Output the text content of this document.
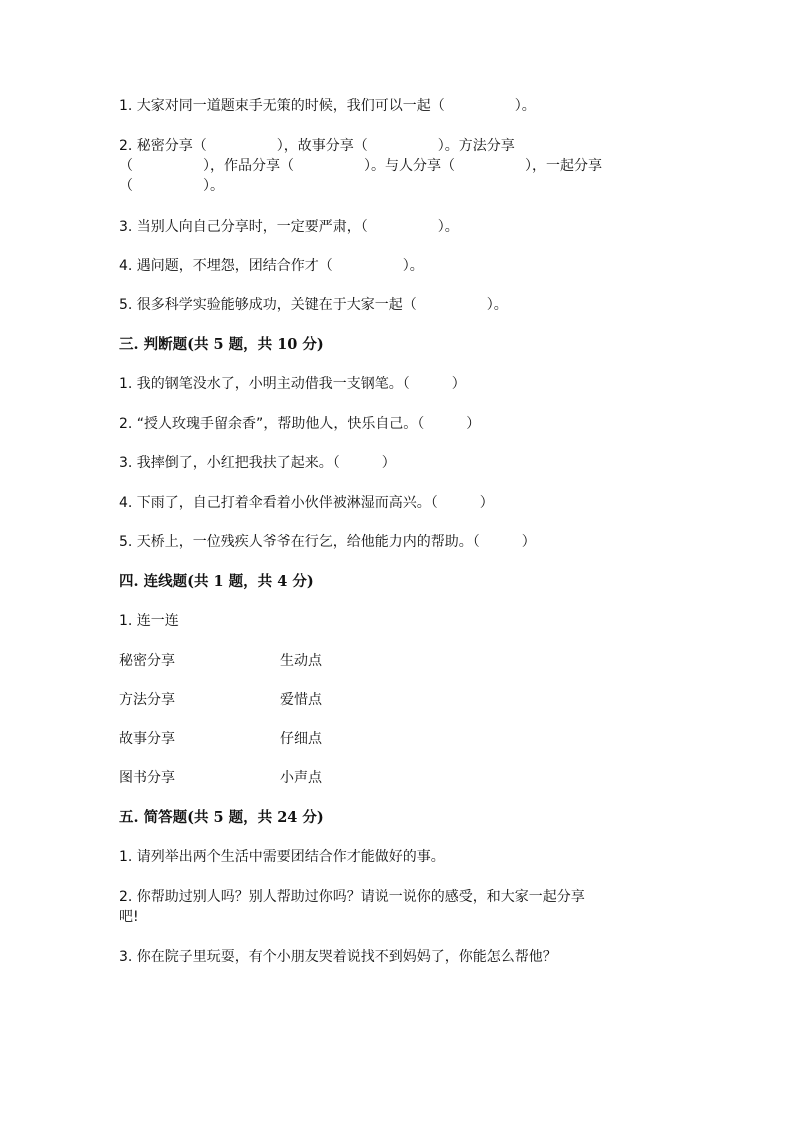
1. 大家对同一道题束手无策的时候，我们可以一起（　　　　　）。
2. 秘密分享（　　　　　），故事分享（　　　　　）。方法分享
（　　　　　），作品分享（　　　　　）。与人分享（　　　　　），一起分享
（　　　　　）。
3. 当别人向自己分享时，一定要严肃，（　　　　　）。
4. 遇问题，不埋怨，团结合作才（　　　　　）。
5. 很多科学实验能够成功，关键在于大家一起（　　　　　）。
三. 判断题(共 5 题，共 10 分)
1. 我的钢笔没水了，小明主动借我一支钢笔。（　　　）
2. “授人玫瑰手留余香”，帮助他人，快乐自己。（　　　）
3. 我摔倒了，小红把我扶了起来。（　　　）
4. 下雨了，自己打着伞看着小伙伴被淋湿而高兴。（　　　）
5. 天桥上，一位残疾人爷爷在行乞，给他能力内的帮助。（　　　）
四. 连线题(共 1 题，共 4 分)
1. 连一连
秘密分享	生动点
方法分享	爱惜点
故事分享	仔细点
图书分享	小声点
五. 简答题(共 5 题，共 24 分)
1. 请列举出两个生活中需要团结合作才能做好的事。
2. 你帮助过别人吗？别人帮助过你吗？请说一说你的感受，和大家一起分享
吧!
3. 你在院子里玩耍，有个小朋友哭着说找不到妈妈了，你能怎么帮他？
